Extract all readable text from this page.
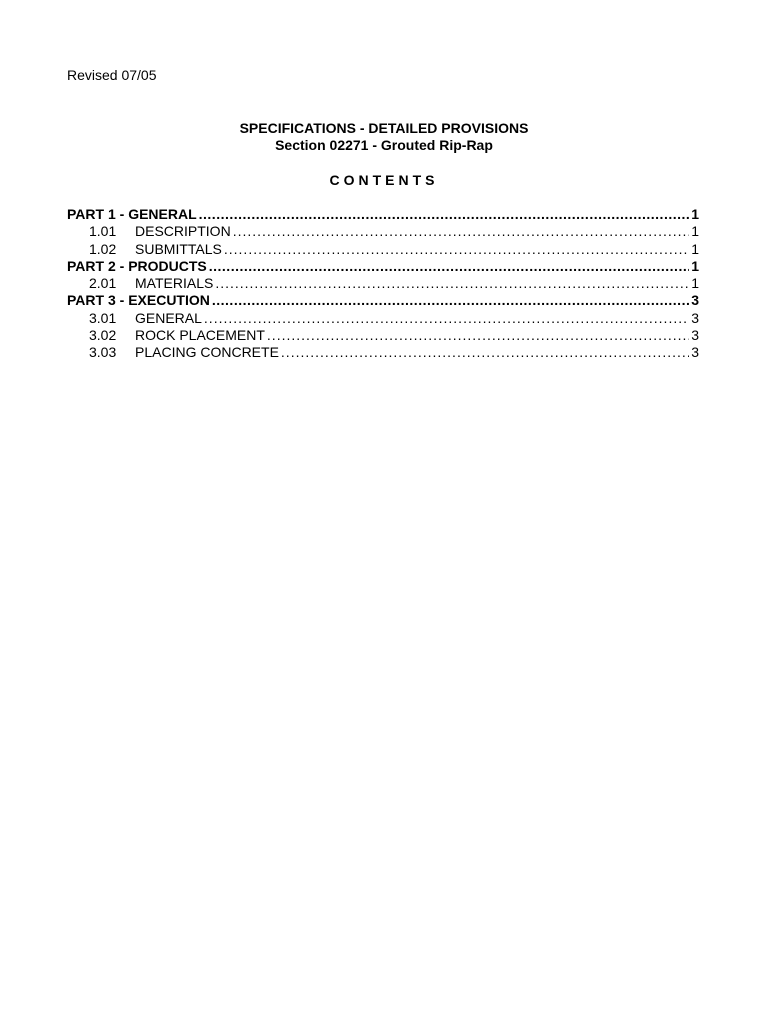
Revised 07/05
SPECIFICATIONS - DETAILED PROVISIONS
Section 02271 - Grouted Rip-Rap
CONTENTS
PART 1 - GENERAL .....	1
1.01	DESCRIPTION .....	1
1.02	SUBMITTALS .....	1
PART 2 - PRODUCTS .....	1
2.01	MATERIALS .....	1
PART 3 - EXECUTION .....	3
3.01	GENERAL .....	3
3.02	ROCK PLACEMENT .....	3
3.03	PLACING CONCRETE .....	3
